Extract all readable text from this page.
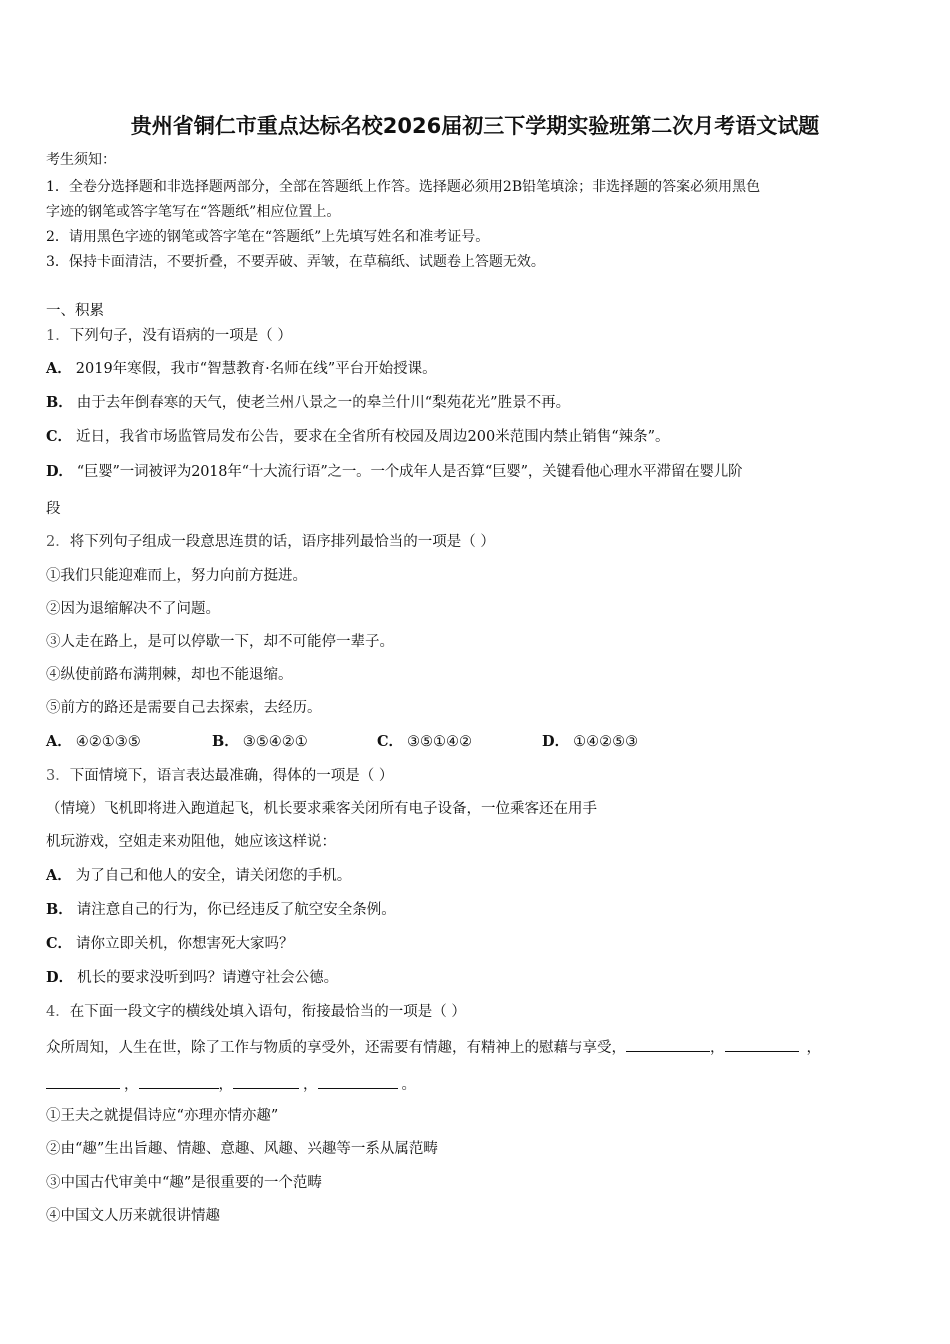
贵州省铜仁市重点达标名校2026届初三下学期实验班第二次月考语文试题
考生须知：
1．全卷分选择题和非选择题两部分，全部在答题纸上作答。选择题必须用2B铅笔填涂；非选择题的答案必须用黑色
字迹的钢笔或答字笔写在“答题纸”相应位置上。
2．请用黑色字迹的钢笔或答字笔在“答题纸”上先填写姓名和准考证号。
3．保持卡面清洁，不要折叠，不要弄破、弄皱，在草稿纸、试题卷上答题无效。
一、积累
1．下列句子，没有语病的一项是（ ）
A． 2019年寒假，我市“智慧教育·名师在线”平台开始授课。
B． 由于去年倒春寒的天气，使老兰州八景之一的皋兰什川“梨苑花光”胜景不再。
C． 近日，我省市场监管局发布公告，要求在全省所有校园及周边200米范围内禁止销售“辣条”。
D． “巨婴”一词被评为2018年“十大流行语”之一。一个成年人是否算“巨婴”，关键看他心理水平滞留在婴儿阶
段
2．将下列句子组成一段意思连贯的话，语序排列最恰当的一项是（ ）
①我们只能迎难而上，努力向前方挺进。
②因为退缩解决不了问题。
③人走在路上，是可以停歇一下，却不可能停一辈子。
④纵使前路布满荆棘，却也不能退缩。
⑤前方的路还是需要自己去探索，去经历。
A． ④②①③⑤	B． ③⑤④②①	C． ③⑤①④②	D． ①④②⑤③
3．下面情境下，语言表达最准确，得体的一项是（ ）
（情境）飞机即将进入跑道起飞，机长要求乘客关闭所有电子设备，一位乘客还在用手
机玩游戏，空姐走来劝阻他，她应该这样说：
A． 为了自己和他人的安全，请关闭您的手机。
B． 请注意自己的行为，你已经违反了航空安全条例。
C． 请你立即关机，你想害死大家吗？
D． 机长的要求没听到吗？请遵守社会公德。
4．在下面一段文字的横线处填入语句，衔接最恰当的一项是（ ）
众所周知，人生在世，除了工作与物质的享受外，还需要有情趣，有精神上的慰藉与享受，	，	，
，	，	，	。
①王夫之就提倡诗应“亦理亦情亦趣”
②由“趣”生出旨趣、情趣、意趣、风趣、兴趣等一系从属范畴
③中国古代审美中“趣”是很重要的一个范畴
④中国文人历来就很讲情趣
